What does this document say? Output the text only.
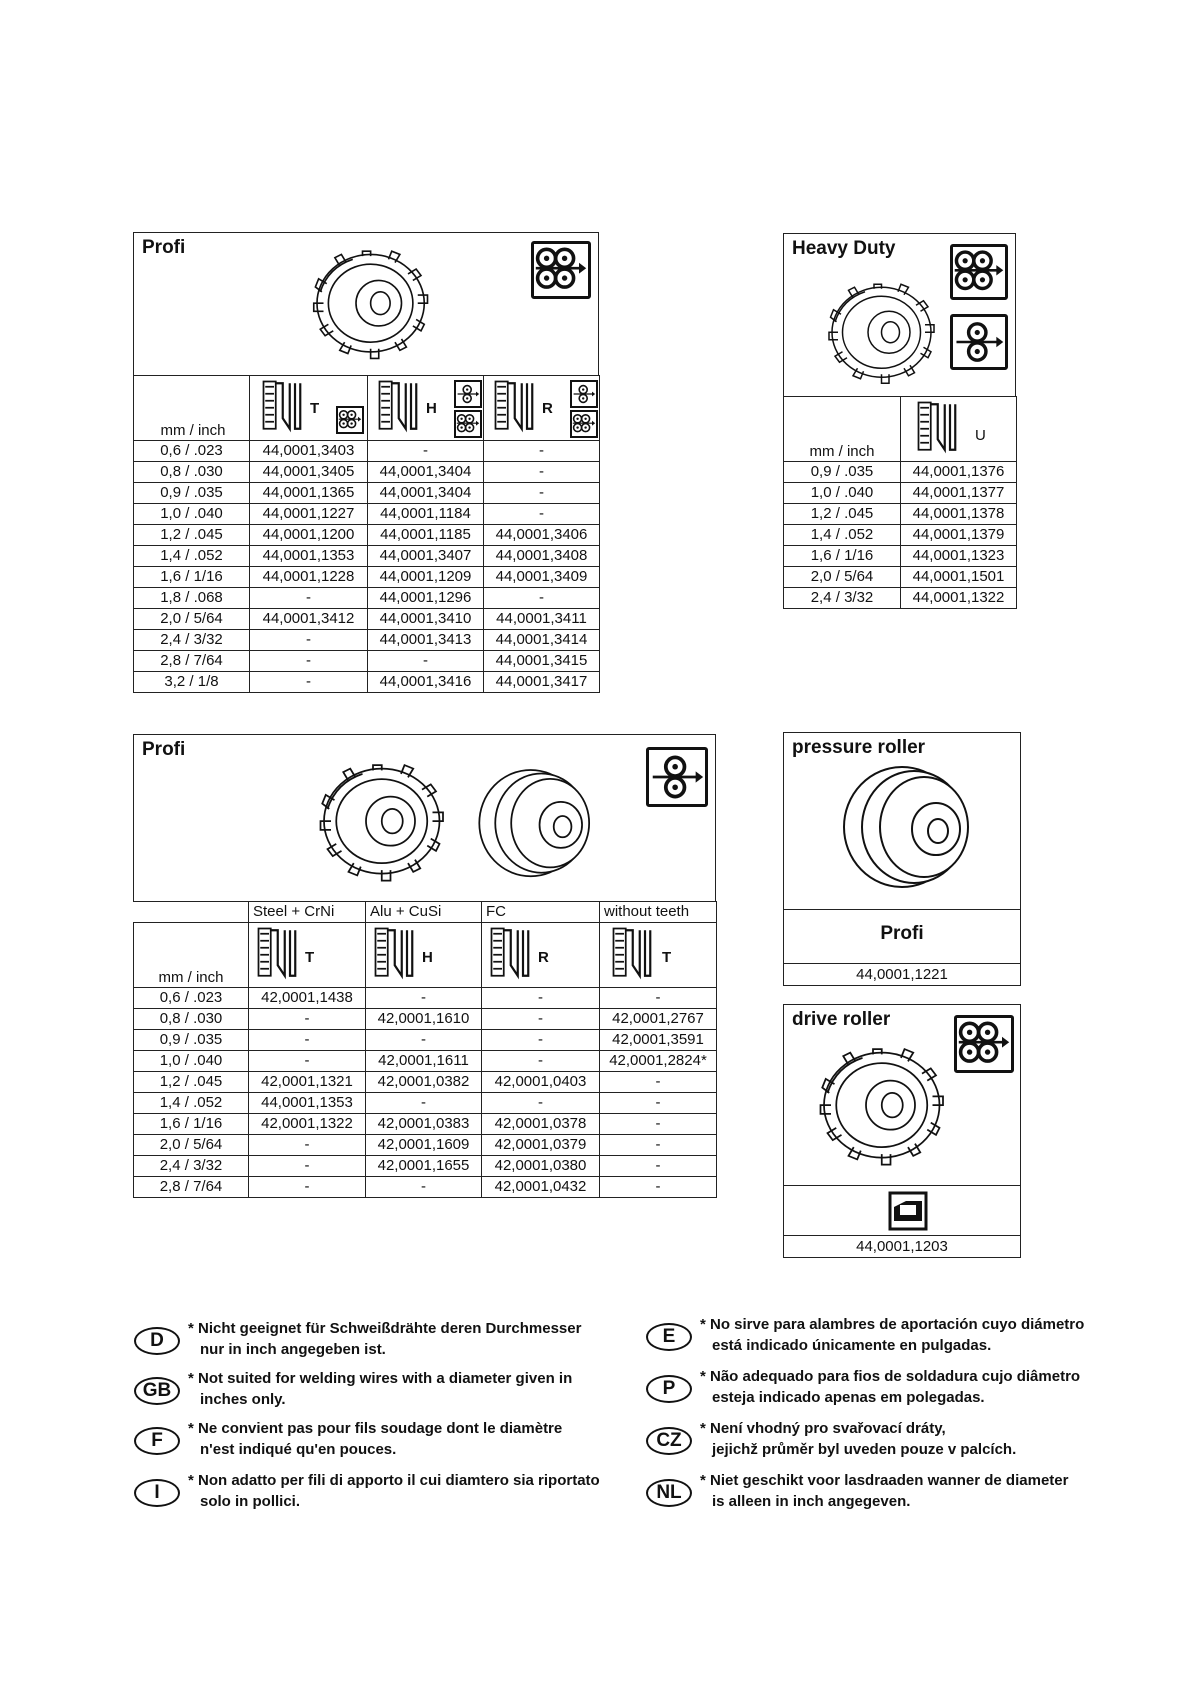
Profi
mm / inch	T	H	R

0,6 / .023	44,0001,3403	-	-
0,8 / .030	44,0001,3405	44,0001,3404	-
0,9 / .035	44,0001,1365	44,0001,3404	-
1,0 / .040	44,0001,1227	44,0001,1184	-
1,2 / .045	44,0001,1200	44,0001,1185	44,0001,3406
1,4 / .052	44,0001,1353	44,0001,3407	44,0001,3408
1,6 / 1/16	44,0001,1228	44,0001,1209	44,0001,3409
1,8 / .068	-	44,0001,1296	-
2,0 / 5/64	44,0001,3412	44,0001,3410	44,0001,3411
2,4 / 3/32	-	44,0001,3413	44,0001,3414
2,8 / 7/64	-	-	44,0001,3415
3,2 / 1/8	-	44,0001,3416	44,0001,3417
Heavy Duty
mm / inch	U

0,9 / .035	44,0001,1376
1,0 / .040	44,0001,1377
1,2 / .045	44,0001,1378
1,4 / .052	44,0001,1379
1,6 / 1/16	44,0001,1323
2,0 / 5/64	44,0001,1501
2,4 / 3/32	44,0001,1322
Profi
	Steel + CrNi	Alu + CuSi	FC	without teeth
mm / inch	T	H	R	T

0,6 / .023	42,0001,1438	-	-	-
0,8 / .030	-	42,0001,1610	-	42,0001,2767
0,9 / .035	-	-	-	42,0001,3591
1,0 / .040	-	42,0001,1611	-	42,0001,2824*
1,2 / .045	42,0001,1321	42,0001,0382	42,0001,0403	-
1,4 / .052	44,0001,1353	-	-	-
1,6 / 1/16	42,0001,1322	42,0001,0383	42,0001,0378	-
2,0 / 5/64	-	42,0001,1609	42,0001,0379	-
2,4 / 3/32	-	42,0001,1655	42,0001,0380	-
2,8 / 7/64	-	-	42,0001,0432	-
pressure roller
Profi
44,0001,1221
drive roller
44,0001,1203
D
* Nicht geeignet für Schweißdrähte deren Durchmesser
nur in inch angegeben ist.
GB
* Not suited for welding wires with a diameter given in
inches only.
F
* Ne convient pas pour fils soudage dont le diamètre
n'est indiqué qu'en pouces.
I
* Non adatto per fili di apporto il cui diamtero sia riportato
solo in pollici.
E
* No sirve para alambres de aportación cuyo diámetro
está indicado únicamente en pulgadas.
P
* Não adequado para fios de soldadura cujo diâmetro
esteja indicado apenas em polegadas.
CZ
* Není vhodný pro svařovací dráty,
jejichž průměr byl uveden pouze v palcích.
NL
* Niet geschikt voor lasdraaden wanner de diameter
is alleen in inch angegeven.
